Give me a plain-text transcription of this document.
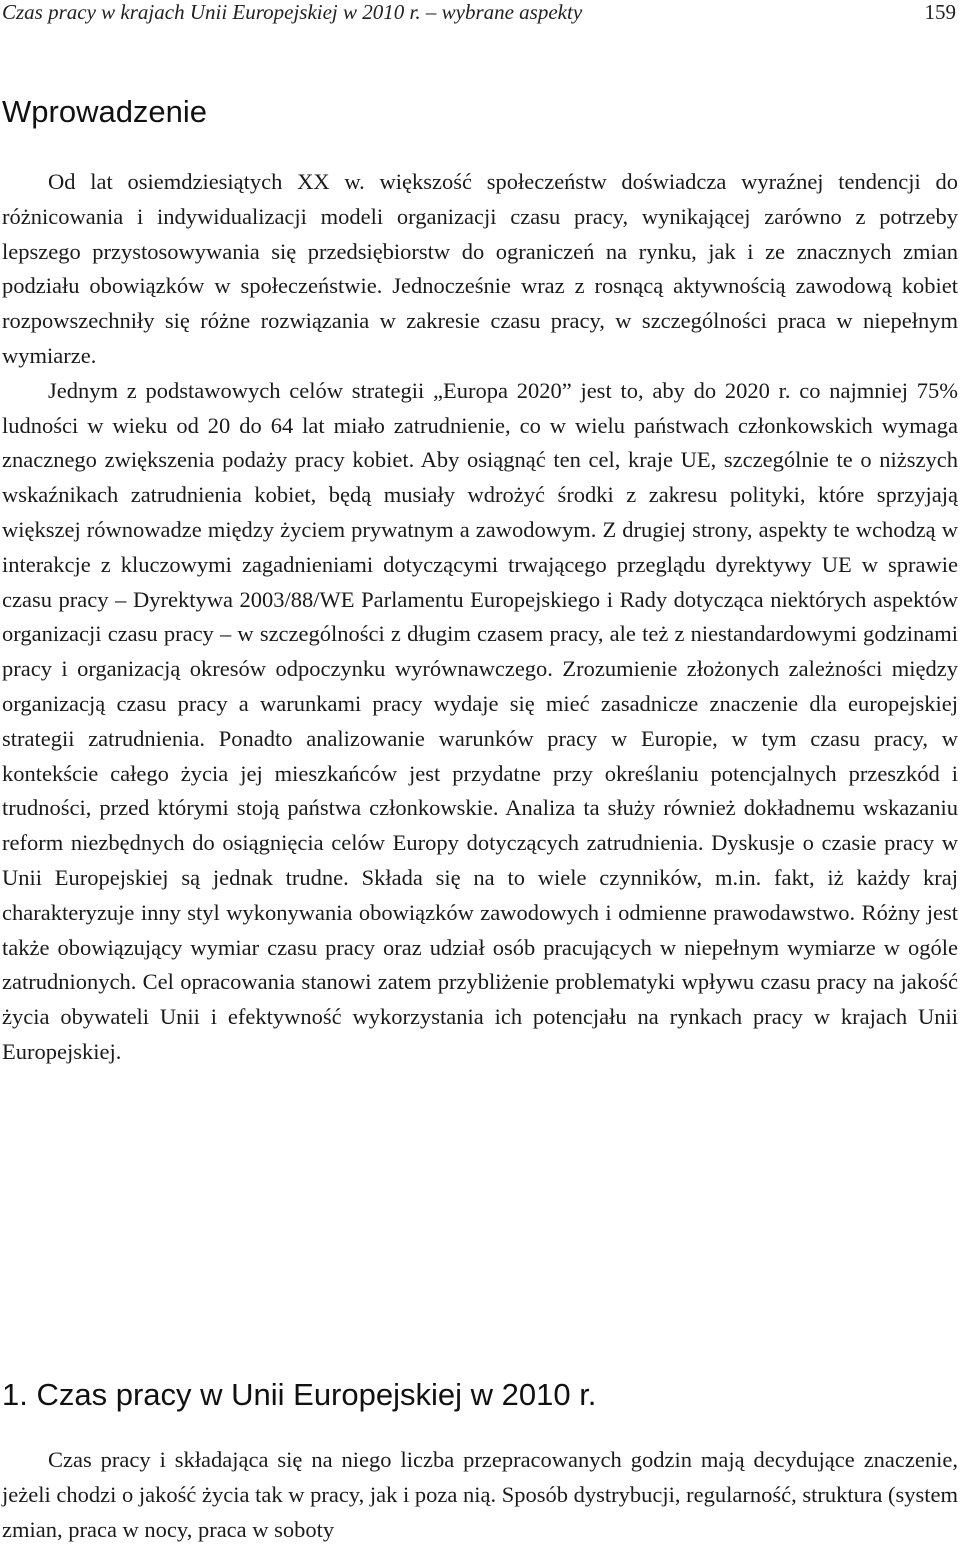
Czas pracy w krajach Unii Europejskiej w 2010 r. – wybrane aspekty	159
Wprowadzenie

Od lat osiemdziesiątych XX w. większość społeczeństw doświadcza wyraźnej tendencji do różnicowania i indywidualizacji modeli organizacji czasu pracy, wynikającej zarówno z potrzeby lepszego przystosowywania się przedsiębiorstw do ograniczeń na rynku, jak i ze znacznych zmian podziału obowiązków w społeczeństwie. Jednocześnie wraz z rosnącą aktywnością zawodową kobiet rozpowszechniły się różne rozwiązania w zakresie czasu pracy, w szczególności praca w niepełnym wymiarze.

Jednym z podstawowych celów strategii „Europa 2020” jest to, aby do 2020 r. co najmniej 75% ludności w wieku od 20 do 64 lat miało zatrudnienie, co w wielu państwach członkowskich wymaga znacznego zwiększenia podaży pracy kobiet. Aby osiągnąć ten cel, kraje UE, szczególnie te o niższych wskaźnikach zatrudnienia kobiet, będą musiały wdrożyć środki z zakresu polityki, które sprzyjają większej równowadze między życiem prywatnym a zawodowym. Z drugiej strony, aspekty te wchodzą w interakcje z kluczowymi zagadnieniami dotyczącymi trwającego przeglądu dyrektywy UE w sprawie czasu pracy – Dyrektywa 2003/88/WE Parlamentu Europejskiego i Rady dotycząca niektórych aspektów organizacji czasu pracy – w szczególności z długim czasem pracy, ale też z niestandardowymi godzinami pracy i organizacją okresów odpoczynku wyrównawczego. Zrozumienie złożonych zależności między organizacją czasu pracy a warunkami pracy wydaje się mieć zasadnicze znaczenie dla europejskiej strategii zatrudnienia. Ponadto analizowanie warunków pracy w Europie, w tym czasu pracy, w kontekście całego życia jej mieszkańców jest przydatne przy określaniu potencjalnych przeszkód i trudności, przed którymi stoją państwa członkowskie. Analiza ta służy również dokładnemu wskazaniu reform niezbędnych do osiągnięcia celów Europy dotyczących zatrudnienia. Dyskusje o czasie pracy w Unii Europejskiej są jednak trudne. Składa się na to wiele czynników, m.in. fakt, iż każdy kraj charakteryzuje inny styl wykonywania obowiązków zawodowych i odmienne prawodawstwo. Różny jest także obowiązujący wymiar czasu pracy oraz udział osób pracujących w niepełnym wymiarze w ogóle zatrudnionych. Cel opracowania stanowi zatem przybliżenie problematyki wpływu czasu pracy na jakość życia obywateli Unii i efektywność wykorzystania ich potencjału na rynkach pracy w krajach Unii Europejskiej.

1. Czas pracy w Unii Europejskiej w 2010 r.

Czas pracy i składająca się na niego liczba przepracowanych godzin mają decydujące znaczenie, jeżeli chodzi o jakość życia tak w pracy, jak i poza nią. Sposób dystrybucji, regularność, struktura (system zmian, praca w nocy, praca w soboty
